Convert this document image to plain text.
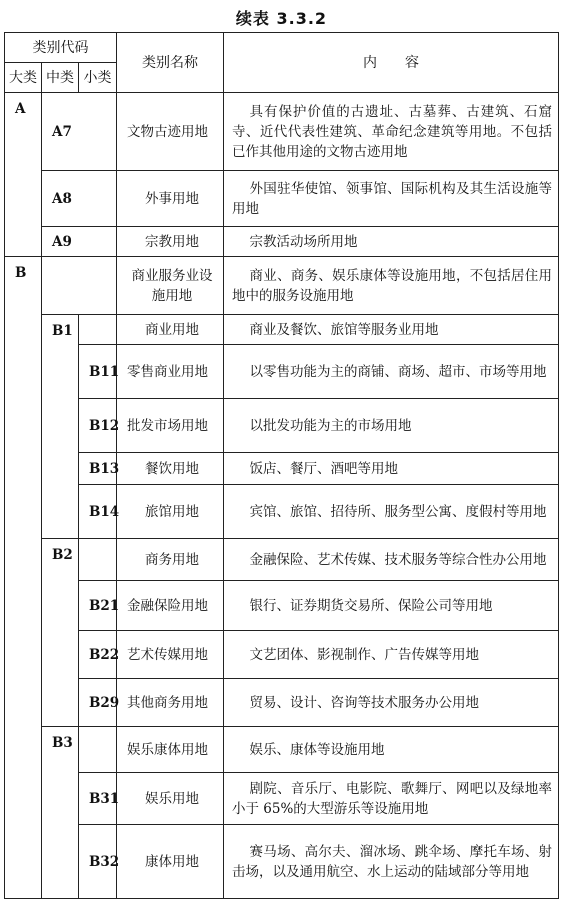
续表 3.3.2
类别代码			类别名称	内　　容
大类	中类	小类		
A	A7		文物古迹用地	具有保护价值的古遗址、古墓葬、古建筑、石窟寺、近代代表性建筑、革命纪念建筑等用地。不包括已作其他用途的文物古迹用地
	A8		外事用地	外国驻华使馆、领事馆、国际机构及其生活设施等用地
	A9		宗教用地	宗教活动场所用地
B			商业服务业设施用地	商业、商务、娱乐康体等设施用地，不包括居住用地中的服务设施用地
	B1		商业用地	商业及餐饮、旅馆等服务业用地
		B11	零售商业用地	以零售功能为主的商铺、商场、超市、市场等用地
		B12	批发市场用地	以批发功能为主的市场用地
		B13	餐饮用地	饭店、餐厅、酒吧等用地
		B14	旅馆用地	宾馆、旅馆、招待所、服务型公寓、度假村等用地
	B2		商务用地	金融保险、艺术传媒、技术服务等综合性办公用地
		B21	金融保险用地	银行、证券期货交易所、保险公司等用地
		B22	艺术传媒用地	文艺团体、影视制作、广告传媒等用地
		B29	其他商务用地	贸易、设计、咨询等技术服务办公用地
	B3		娱乐康体用地	娱乐、康体等设施用地
		B31	娱乐用地	剧院、音乐厅、电影院、歌舞厅、网吧以及绿地率小于 65%的大型游乐等设施用地
		B32	康体用地	赛马场、高尔夫、溜冰场、跳伞场、摩托车场、射击场，以及通用航空、水上运动的陆域部分等用地
